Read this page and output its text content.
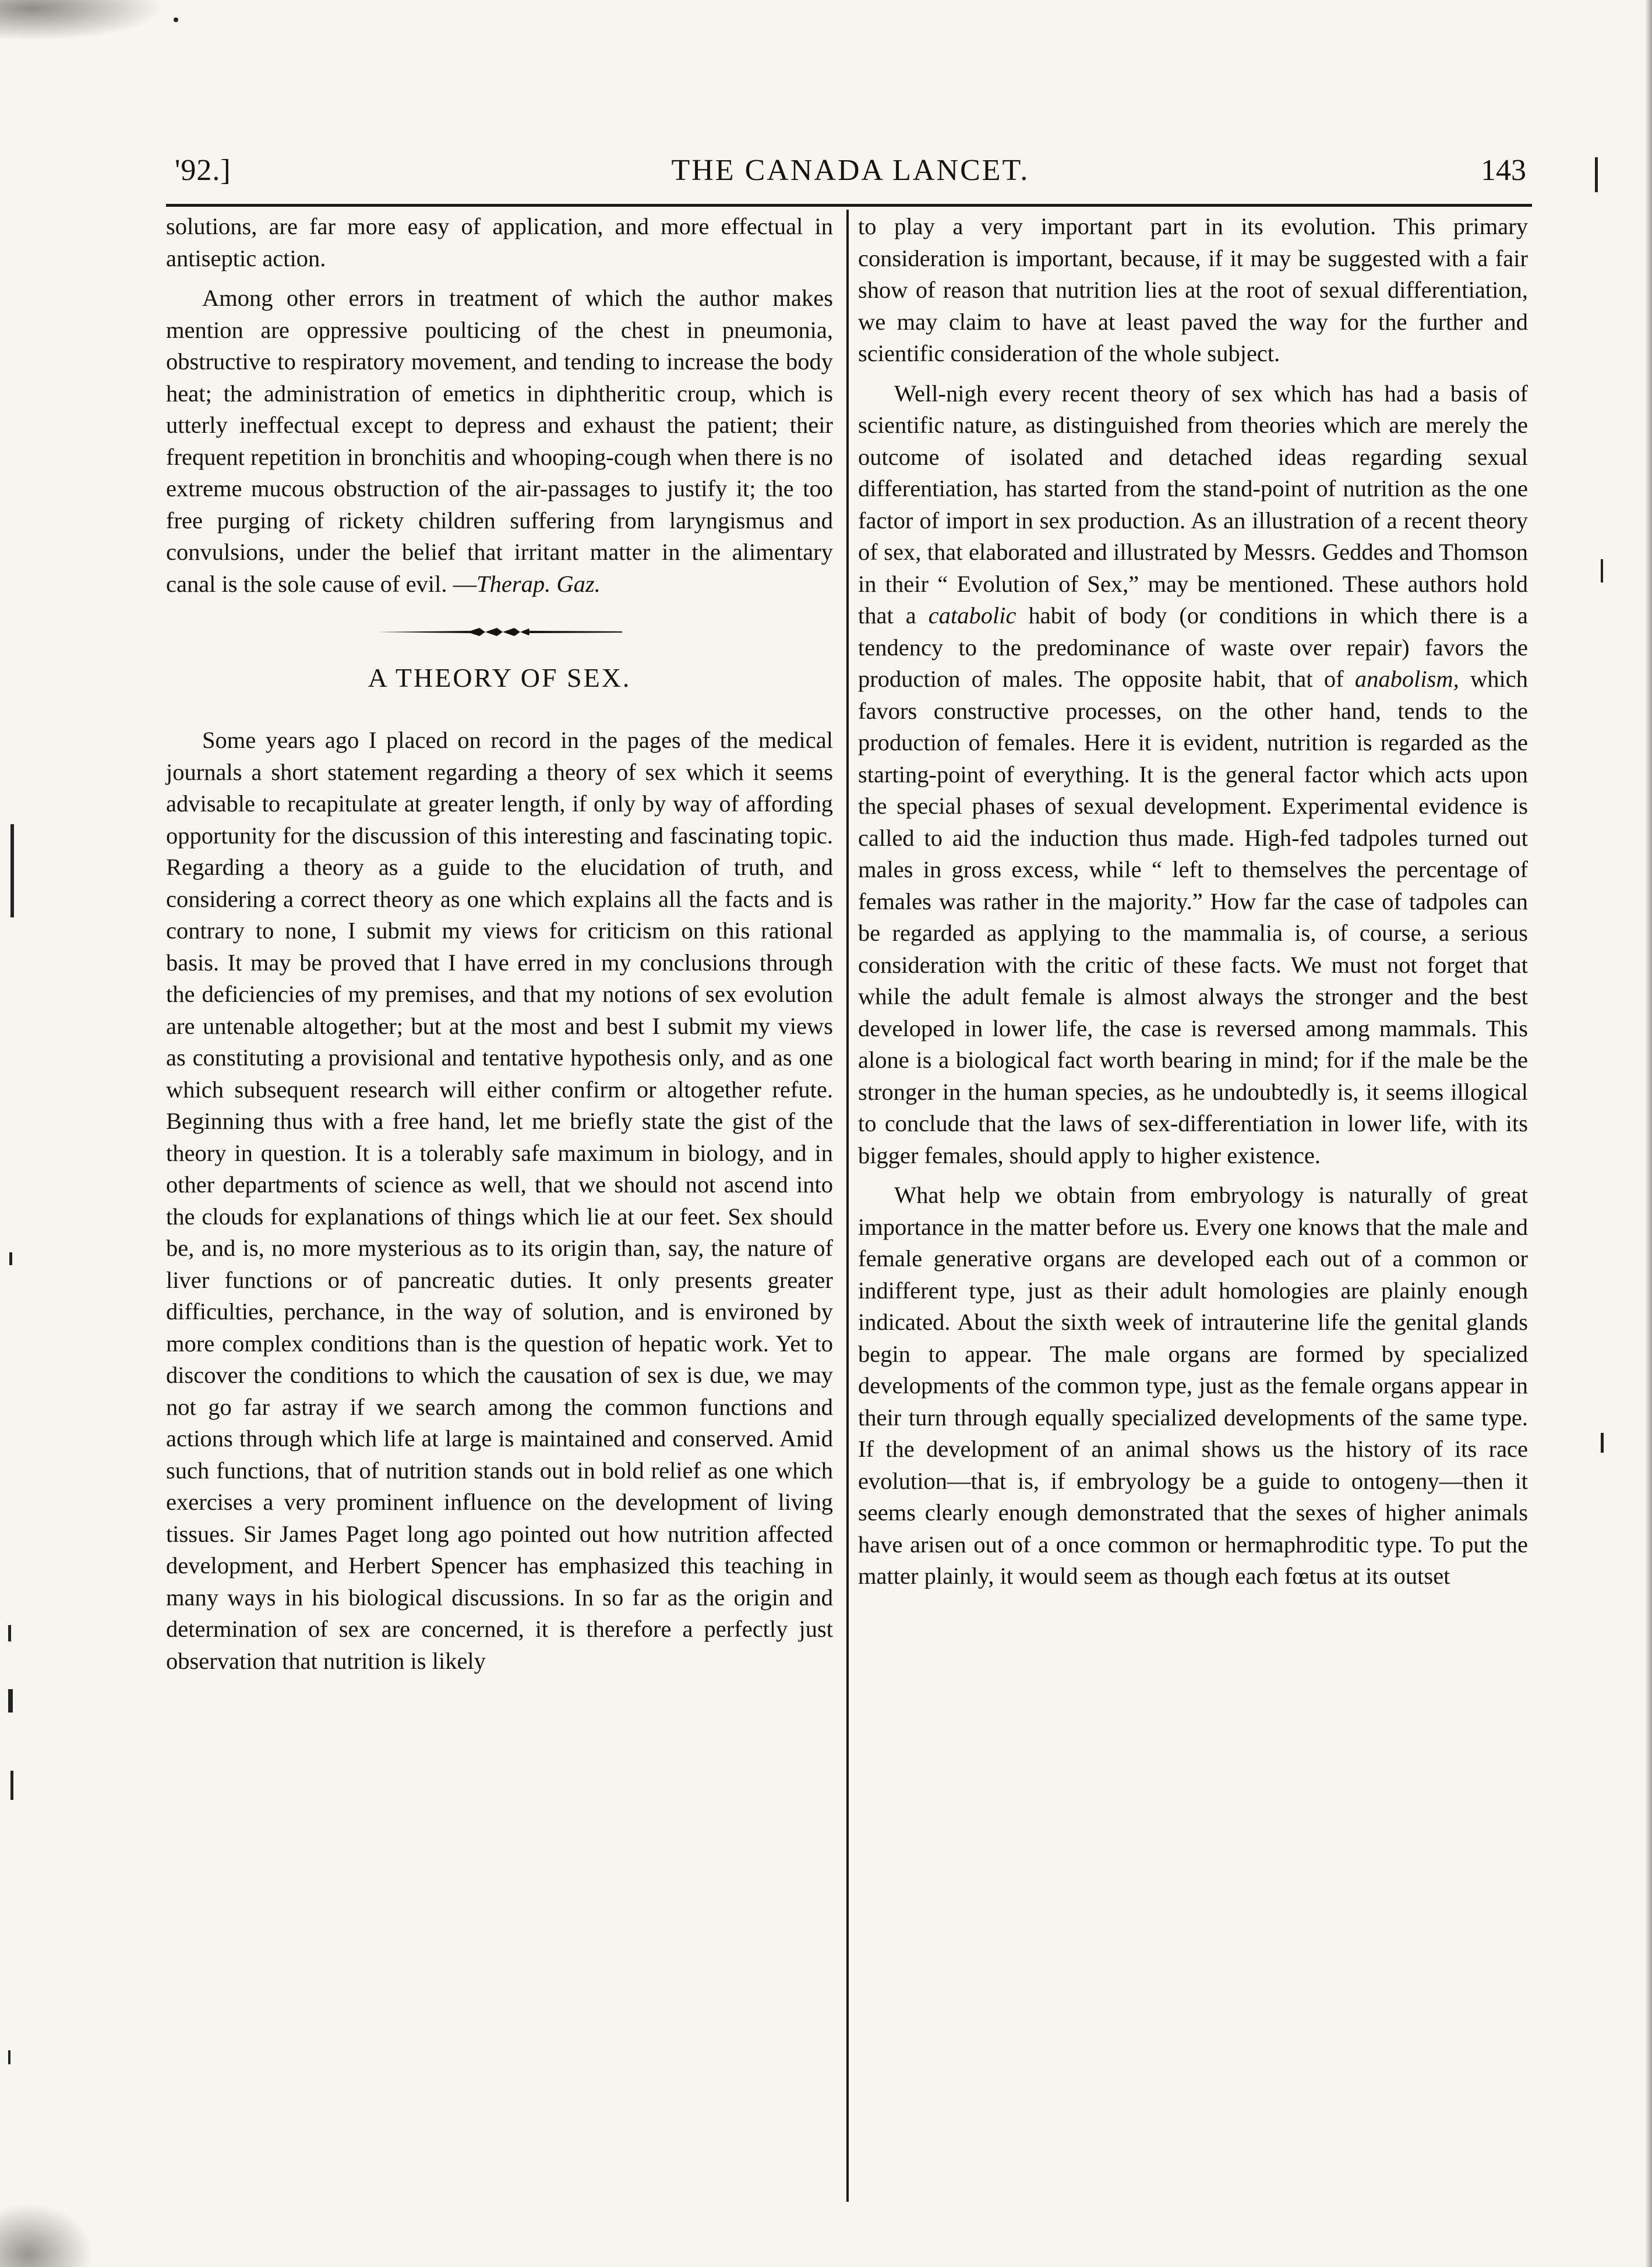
'92.]	THE CANADA LANCET.	143

solutions, are far more easy of application, and more effectual in antiseptic action.

Among other errors in treatment of which the author makes mention are oppressive poulticing of the chest in pneumonia, obstructive to respiratory movement, and tending to increase the body heat; the administration of emetics in diphtheritic croup, which is utterly ineffectual except to depress and exhaust the patient; their frequent repetition in bronchitis and whooping-cough when there is no extreme mucous obstruction of the air-passages to justify it; the too free purging of rickety children suffering from laryngismus and convulsions, under the belief that irritant matter in the alimentary canal is the sole cause of evil. —Therap. Gaz.

A THEORY OF SEX.

Some years ago I placed on record in the pages of the medical journals a short statement regarding a theory of sex which it seems advisable to recapitulate at greater length, if only by way of affording opportunity for the discussion of this interesting and fascinating topic. Regarding a theory as a guide to the elucidation of truth, and considering a correct theory as one which explains all the facts and is contrary to none, I submit my views for criticism on this rational basis. It may be proved that I have erred in my conclusions through the deficiencies of my premises, and that my notions of sex evolution are untenable altogether; but at the most and best I submit my views as constituting a provisional and tentative hypothesis only, and as one which subsequent research will either confirm or altogether refute. Beginning thus with a free hand, let me briefly state the gist of the theory in question. It is a tolerably safe maximum in biology, and in other departments of science as well, that we should not ascend into the clouds for explanations of things which lie at our feet. Sex should be, and is, no more mysterious as to its origin than, say, the nature of liver functions or of pancreatic duties. It only presents greater difficulties, perchance, in the way of solution, and is environed by more complex conditions than is the question of hepatic work. Yet to discover the conditions to which the causation of sex is due, we may not go far astray if we search among the common functions and actions through which life at large is maintained and conserved. Amid such functions, that of nutrition stands out in bold relief as one which exercises a very prominent influence on the development of living tissues. Sir James Paget long ago pointed out how nutrition affected development, and Herbert Spencer has emphasized this teaching in many ways in his biological discussions. In so far as the origin and determination of sex are concerned, it is therefore a perfectly just observation that nutrition is likely

to play a very important part in its evolution. This primary consideration is important, because, if it may be suggested with a fair show of reason that nutrition lies at the root of sexual differentiation, we may claim to have at least paved the way for the further and scientific consideration of the whole subject.

Well-nigh every recent theory of sex which has had a basis of scientific nature, as distinguished from theories which are merely the outcome of isolated and detached ideas regarding sexual differentiation, has started from the stand-point of nutrition as the one factor of import in sex production. As an illustration of a recent theory of sex, that elaborated and illustrated by Messrs. Geddes and Thomson in their “ Evolution of Sex,” may be mentioned. These authors hold that a catabolic habit of body (or conditions in which there is a tendency to the predominance of waste over repair) favors the production of males. The opposite habit, that of anabolism, which favors constructive processes, on the other hand, tends to the production of females. Here it is evident, nutrition is regarded as the starting-point of everything. It is the general factor which acts upon the special phases of sexual development. Experimental evidence is called to aid the induction thus made. High-fed tadpoles turned out males in gross excess, while “ left to themselves the percentage of females was rather in the majority.” How far the case of tadpoles can be regarded as applying to the mammalia is, of course, a serious consideration with the critic of these facts. We must not forget that while the adult female is almost always the stronger and the best developed in lower life, the case is reversed among mammals. This alone is a biological fact worth bearing in mind; for if the male be the stronger in the human species, as he undoubtedly is, it seems illogical to conclude that the laws of sex-differentiation in lower life, with its bigger females, should apply to higher existence.

What help we obtain from embryology is naturally of great importance in the matter before us. Every one knows that the male and female generative organs are developed each out of a common or indifferent type, just as their adult homologies are plainly enough indicated. About the sixth week of intrauterine life the genital glands begin to appear. The male organs are formed by specialized developments of the common type, just as the female organs appear in their turn through equally specialized developments of the same type. If the development of an animal shows us the history of its race evolution—that is, if embryology be a guide to ontogeny—then it seems clearly enough demonstrated that the sexes of higher animals have arisen out of a once common or hermaphroditic type. To put the matter plainly, it would seem as though each fœtus at its outset
